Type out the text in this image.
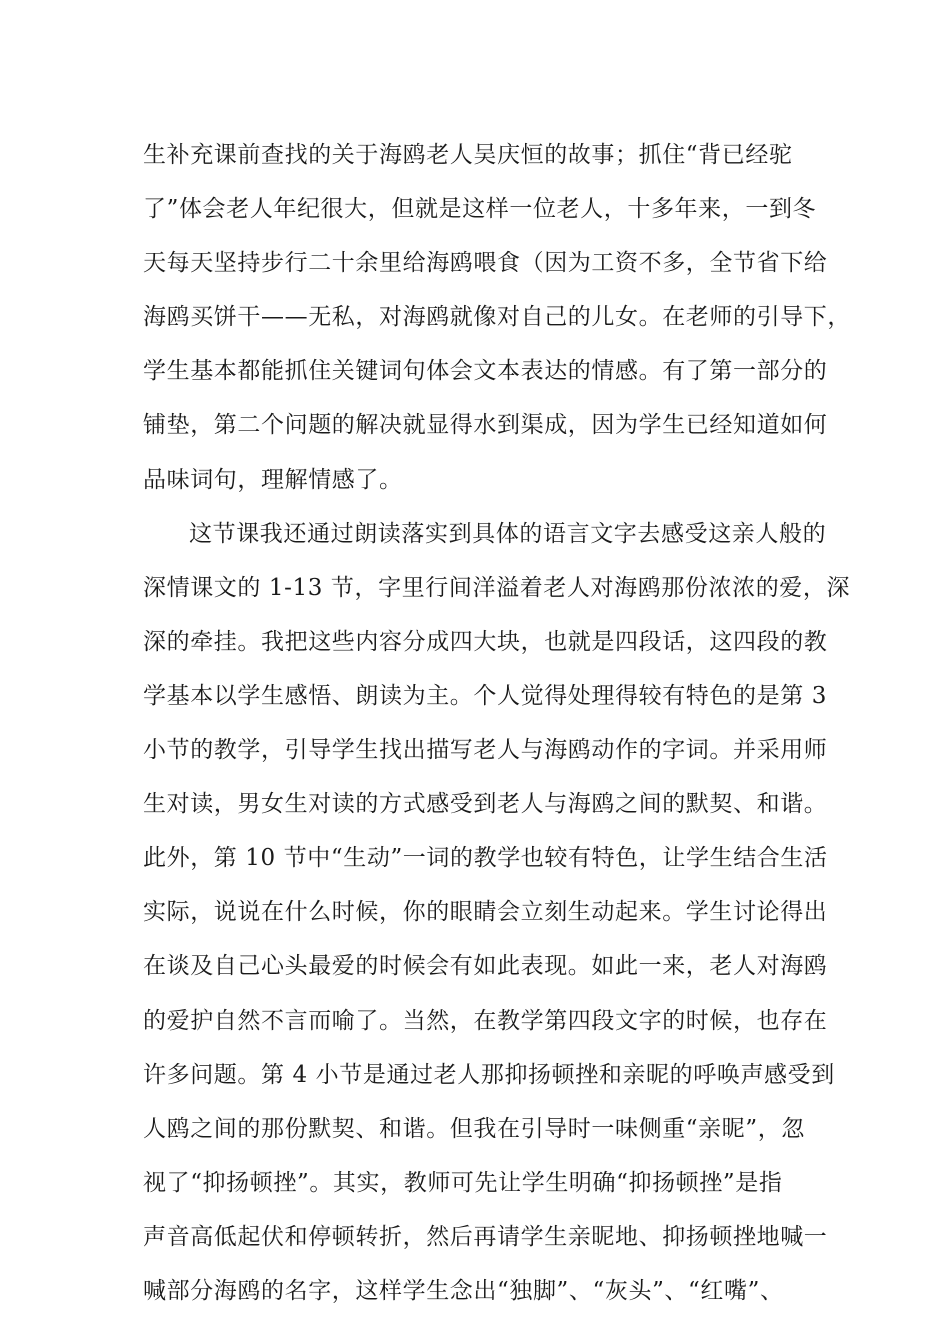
生补充课前查找的关于海鸥老人吴庆恒的故事；抓住“背已经驼
了”体会老人年纪很大，但就是这样一位老人，十多年来，一到冬
天每天坚持步行二十余里给海鸥喂食（因为工资不多，全节省下给
海鸥买饼干——无私，对海鸥就像对自己的儿女。在老师的引导下，
学生基本都能抓住关键词句体会文本表达的情感。有了第一部分的
铺垫，第二个问题的解决就显得水到渠成，因为学生已经知道如何
品味词句，理解情感了。
这节课我还通过朗读落实到具体的语言文字去感受这亲人般的
深情课文的 1-13 节，字里行间洋溢着老人对海鸥那份浓浓的爱，深
深的牵挂。我把这些内容分成四大块，也就是四段话，这四段的教
学基本以学生感悟、朗读为主。个人觉得处理得较有特色的是第 3
小节的教学，引导学生找出描写老人与海鸥动作的字词。并采用师
生对读，男女生对读的方式感受到老人与海鸥之间的默契、和谐。
此外，第 10 节中“生动”一词的教学也较有特色，让学生结合生活
实际，说说在什么时候，你的眼睛会立刻生动起来。学生讨论得出
在谈及自己心头最爱的时候会有如此表现。如此一来，老人对海鸥
的爱护自然不言而喻了。当然，在教学第四段文字的时候，也存在
许多问题。第 4 小节是通过老人那抑扬顿挫和亲昵的呼唤声感受到
人鸥之间的那份默契、和谐。但我在引导时一味侧重“亲昵”，忽
视了“抑扬顿挫”。其实，教师可先让学生明确“抑扬顿挫”是指
声音高低起伏和停顿转折，然后再请学生亲昵地、抑扬顿挫地喊一
喊部分海鸥的名字，这样学生念出“独脚”、“灰头”、“红嘴”、
